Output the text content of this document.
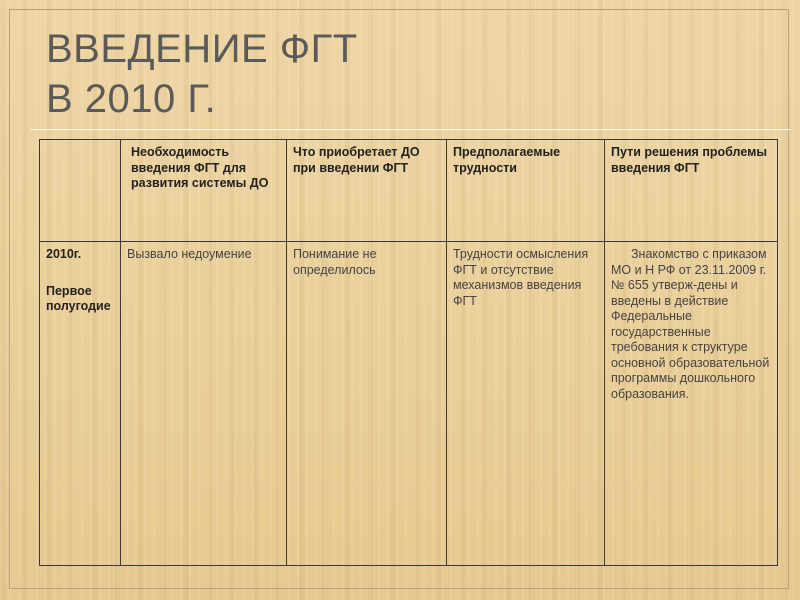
ВВЕДЕНИЕ ФГТ
В 2010 Г.
	Необходимость введения ФГТ для развития системы ДО	Что приобретает ДО при введении ФГТ	Предполагаемые трудности	Пути решения проблемы введения ФГТ

2010г.
Первое полугодие	Вызвало недоумение	Понимание не определилось	Трудности осмысления ФГТ и отсутствие механизмов введения ФГТ	Знакомство с приказом МО и Н РФ от 23.11.2009 г. № 655 утверж-дены и введены в действие Федеральные государственные требования к структуре основной образовательной программы дошкольного образования.
